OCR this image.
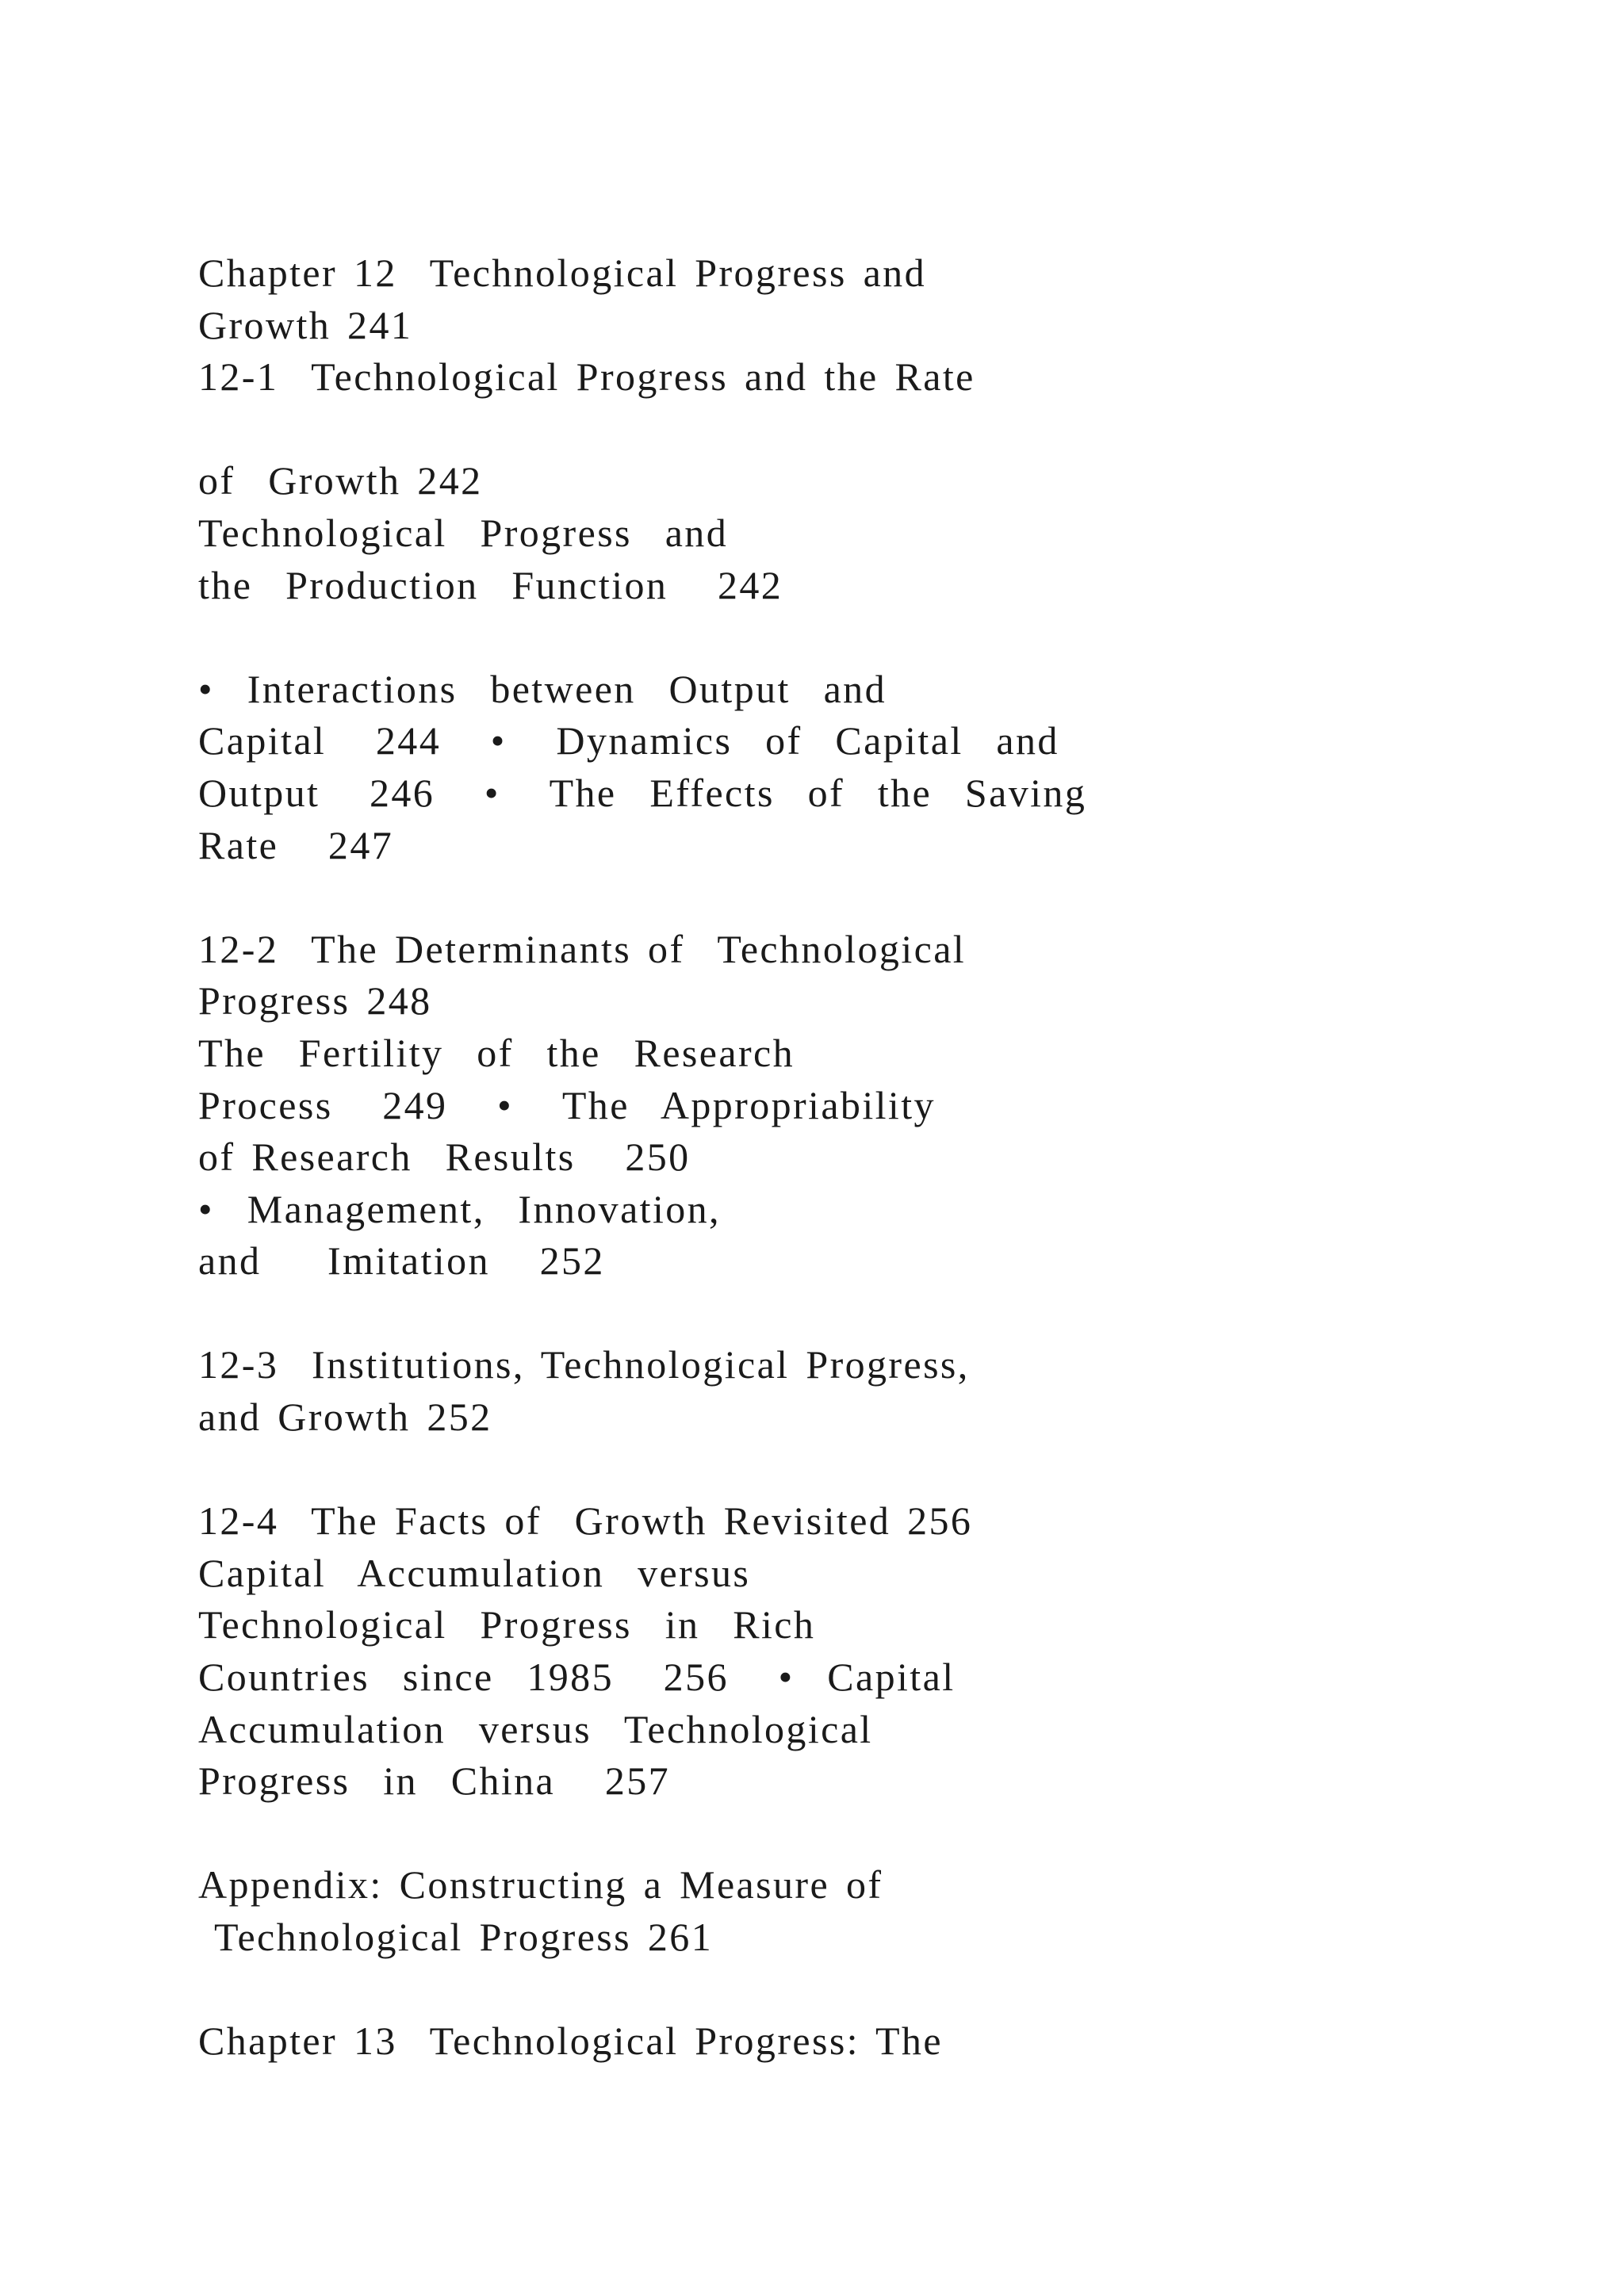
Chapter 12  Technological Progress and
Growth 241
12-1  Technological Progress and the Rate
of  Growth 242
Technological  Progress  and
the  Production  Function   242
•  Interactions  between  Output  and
Capital   244   •   Dynamics  of  Capital  and
Output   246   •   The  Effects  of  the  Saving
Rate   247
12-2  The Determinants of  Technological
Progress 248
The  Fertility  of  the  Research
Process   249   •   The  Appropriability
of Research  Results   250
•  Management,  Innovation,
and    Imitation   252
12-3  Institutions, Technological Progress,
and Growth 252
12-4  The Facts of  Growth Revisited 256
Capital  Accumulation  versus
Technological  Progress  in  Rich
Countries  since  1985   256   •  Capital
Accumulation  versus  Technological
Progress  in  China   257
Appendix: Constructing a Measure of
Technological Progress 261
Chapter 13  Technological Progress: The
